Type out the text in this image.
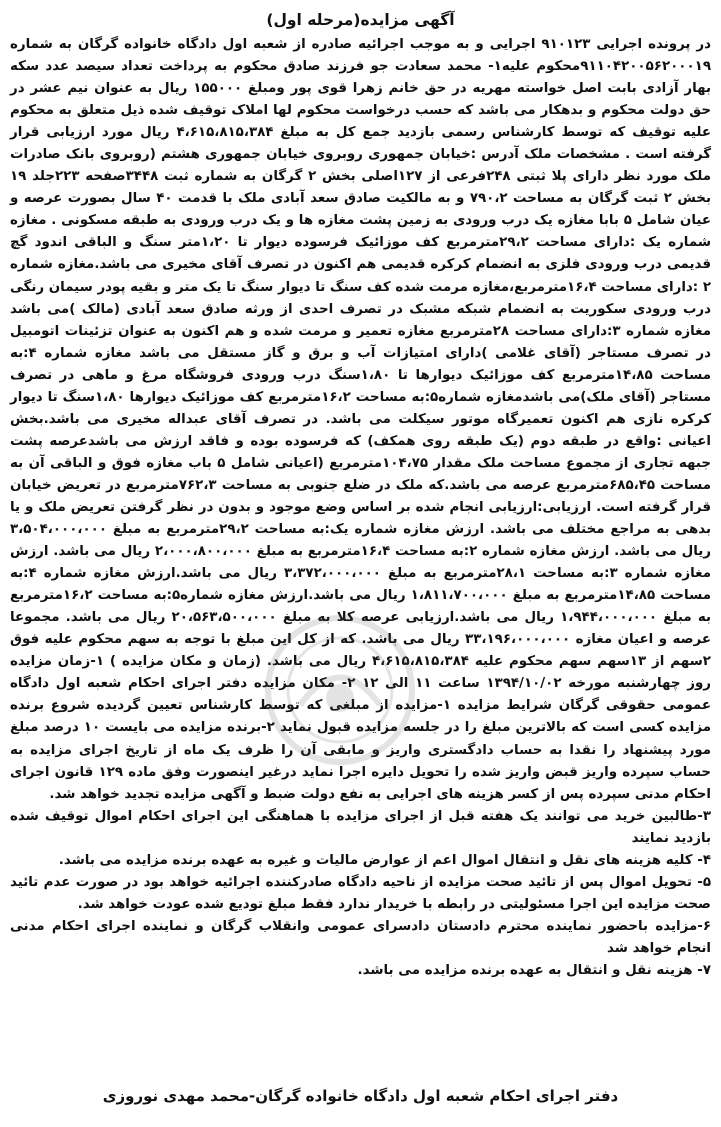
آگهی مزایده(مرحله اول)

در پرونده اجرایی ۹۱۰۱۲۳ اجرایی و به موجب اجرائیه صادره از شعبه اول دادگاه خانواده گرگان به شماره ۹۱۱۰۴۲۰۰۵۶۲۰۰۰۱۹محکوم علیه۱- محمد سعادت جو فرزند صادق محکوم به پرداخت تعداد سیصد عدد سکه بهار آزادی بابت اصل خواسته مهریه در حق خانم زهرا قوی پور ومبلغ ۱۵۵۰۰۰ ریال به عنوان نیم عشر در حق دولت محکوم و بدهکار می باشد که حسب درخواست محکوم لها املاک توقیف شده ذیل متعلق به محکوم علیه توقیف که توسط کارشناس رسمی بازدید جمع کل به مبلغ ۴،۶۱۵،۸۱۵،۳۸۴ ریال مورد ارزیابی قرار گرفته است . مشخصات ملک آدرس :خیابان جمهوری روبروی خیابان جمهوری هشتم (روبروی بانک صادرات ملک مورد نظر دارای پلا ثبتی ۲۴۸فرعی از ۱۲۷اصلی بخش ۲ گرگان به شماره ثبت ۳۴۴۸صفحه ۲۲۳جلد ۱۹ بخش ۲ ثبت گرگان به مساحت ۷۹۰،۲ و به مالکیت صادق سعد آبادی ملک با قدمت ۴۰ سال بصورت عرصه و عیان شامل ۵ بابا مغازه یک درب ورودی به زمین پشت مغازه ها و یک درب ورودی به طبقه مسکونی . مغازه شماره یک :دارای مساحت ۲۹،۲مترمربع کف موزائیک فرسوده دیوار تا ۱،۲۰متر سنگ و الباقی اندود گچ قدیمی درب ورودی فلزی به انضمام کرکره قدیمی هم اکنون در تصرف آقای مخیری می باشد.مغازه شماره ۲ :دارای مساحت ۱۶،۴مترمربع،مغازه مرمت شده کف سنگ تا دیوار سنگ تا یک متر و بقیه پودر سیمان رنگی درب ورودی سکوریت به انضمام شبکه مشبک در تصرف احدی از ورثه صادق سعد آبادی (مالک )می باشد مغازه شماره ۳:دارای مساحت ۲۸مترمربع مغازه تعمیر و مرمت شده و هم اکنون به عنوان تزئینات اتومبیل در تصرف مستاجر (آقای غلامی )دارای امتیازات آب و برق و گاز مستقل می باشد مغازه شماره ۴:به مساحت ۱۴،۸۵مترمربع کف موزائیک دیوارها تا ۱،۸۰سنگ درب ورودی فروشگاه مرغ و ماهی در تصرف مستاجر (آقای ملک)می باشدمغازه شماره۵:به مساحت ۱۶،۲مترمربع کف موزائیک دیوارها ۱،۸۰سنگ تا دیوار کرکره نازی هم اکنون تعمیرگاه موتور سیکلت می باشد. در تصرف آقای عبداله مخیری می باشد.بخش اعیانی :واقع در طبقه دوم (یک طبقه روی همکف) که فرسوده بوده و فاقد ارزش می باشدعرصه پشت جبهه تجاری از مجموع مساحت ملک مقدار ۱۰۴،۷۵مترمربع (اعیانی شامل ۵ باب مغازه فوق و الباقی آن به مساحت ۶۸۵،۴۵مترمربع عرصه می باشد.که ملک در ضلع جنوبی به مساحت ۷۶۲،۳مترمربع در تعریض خیابان قرار گرفته است. ارزیابی:ارزیابی انجام شده بر اساس وضع موجود و بدون در نظر گرفتن تعریض ملک و یا بدهی به مراجع مختلف می باشد. ارزش مغازه شماره یک:به مساحت ۲۹،۲مترمربع به مبلغ ۳،۵۰۴،۰۰۰،۰۰۰ ریال می باشد. ارزش مغازه شماره ۲:به مساحت ۱۶،۴مترمربع به مبلغ ۲،۰۰۰،۸۰۰،۰۰۰ ریال می باشد. ارزش مغازه شماره ۳:به مساحت ۲۸،۱مترمربع به مبلغ ۳،۳۷۲،۰۰۰،۰۰۰ ریال می باشد.ارزش مغازه شماره ۴:به مساحت ۱۴،۸۵مترمربع به مبلغ ۱،۸۱۱،۷۰۰،۰۰۰ ریال می باشد.ارزش مغازه شماره۵:به مساحت ۱۶،۲مترمربع به مبلغ ۱،۹۴۴،۰۰۰،۰۰۰ ریال می باشد.ارزیابی عرصه کلا به مبلغ ۲۰،۵۶۳،۵۰۰،۰۰۰ ریال می باشد. مجموعا عرصه و اعیان مغازه ۳۳،۱۹۶،۰۰۰،۰۰۰ ریال می باشد. که از کل این مبلغ با توجه به سهم محکوم علیه فوق ۲سهم از ۱۳سهم سهم محکوم علیه ۴،۶۱۵،۸۱۵،۳۸۴ ریال می باشد. (زمان و مکان مزایده ) ۱-زمان مزایده روز چهارشنبه مورخه ۱۳۹۴/۱۰/۰۲ ساعت ۱۱ الی ۱۲ ۲- مکان مزایده دفتر اجرای احکام شعبه اول دادگاه عمومی حقوقی گرگان شرایط مزایده ۱-مزایده از مبلغی که توسط کارشناس تعیین گردیده شروع برنده مزایده کسی است که بالاترین مبلغ را در جلسه مزایده قبول نماید ۲-برنده مزایده می بایست ۱۰ درصد مبلغ مورد پیشنهاد را نقدا به حساب دادگستری واریز و مابقی آن را ظرف یک ماه از تاریخ اجرای مزایده به حساب سپرده واریز قبض واریز شده را تحویل دایره اجرا نماید درغیر اینصورت وفق ماده ۱۲۹ قانون اجرای احکام مدنی سپرده پس از کسر هزینه های اجرایی به نفع دولت ضبط و آگهی مزایده تجدید خواهد شد.

۳-طالبین خرید می توانند یک هفته قبل از اجرای مزایده با هماهنگی این اجرای احکام اموال توقیف شده بازدید نمایند

۴- کلیه هزینه های نقل و انتقال اموال اعم از عوارض مالیات و غیره به عهده برنده مزایده می باشد.

۵- تحویل اموال پس از تائید صحت مزایده از ناحیه دادگاه صادرکننده اجرائیه خواهد بود در صورت عدم تائید صحت مزایده این اجرا مسئولیتی در رابطه با خریدار ندارد فقط مبلغ تودیع شده عودت خواهد شد.

۶-مزایده باحضور نماینده محترم دادستان دادسرای عمومی وانقلاب گرگان و نماینده اجرای احکام مدنی انجام خواهد شد

۷- هزینه نقل و انتقال به عهده برنده مزایده می باشد.

دفتر اجرای احکام شعبه اول دادگاه خانواده گرگان-محمد مهدی نوروزی
